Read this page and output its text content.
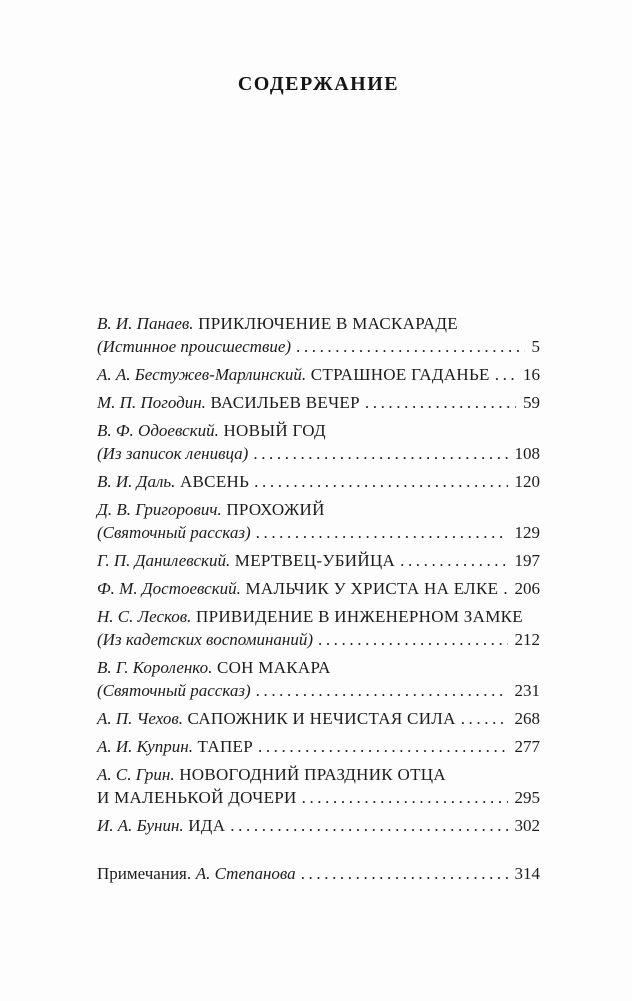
СОДЕРЖАНИЕ
В. И. Панаев. ПРИКЛЮЧЕНИЕ В МАСКАРАДЕ
(Истинное происшествие) .....	5
А. А. Бестужев-Марлинский. СТРАШНОЕ ГАДАНЬЕ ..... 16
М. П. Погодин. ВАСИЛЬЕВ ВЕЧЕР .....	59
В. Ф. Одоевский. НОВЫЙ ГОД
(Из записок ленивца) .....	108
В. И. Даль. АВСЕНЬ .....	120
Д. В. Григорович. ПРОХОЖИЙ
(Святочный рассказ) .....	129
Г. П. Данилевский. МЕРТВЕЦ-УБИЙЦА .....	197
Ф. М. Достоевский. МАЛЬЧИК У ХРИСТА НА ЕЛКЕ ..... 206
Н. С. Лесков. ПРИВИДЕНИЕ В ИНЖЕНЕРНОМ ЗАМКЕ
(Из кадетских воспоминаний) .....	212
В. Г. Короленко. СОН МАКАРА
(Святочный рассказ) .....	231
А. П. Чехов. САПОЖНИК И НЕЧИСТАЯ СИЛА .....	268
А. И. Куприн. ТАПЕР .....	277
А. С. Грин. НОВОГОДНИЙ ПРАЗДНИК ОТЦА
И МАЛЕНЬКОЙ ДОЧЕРИ .....	295
И. А. Бунин. ИДА .....	302
Примечания. А. Степанова .....	314
